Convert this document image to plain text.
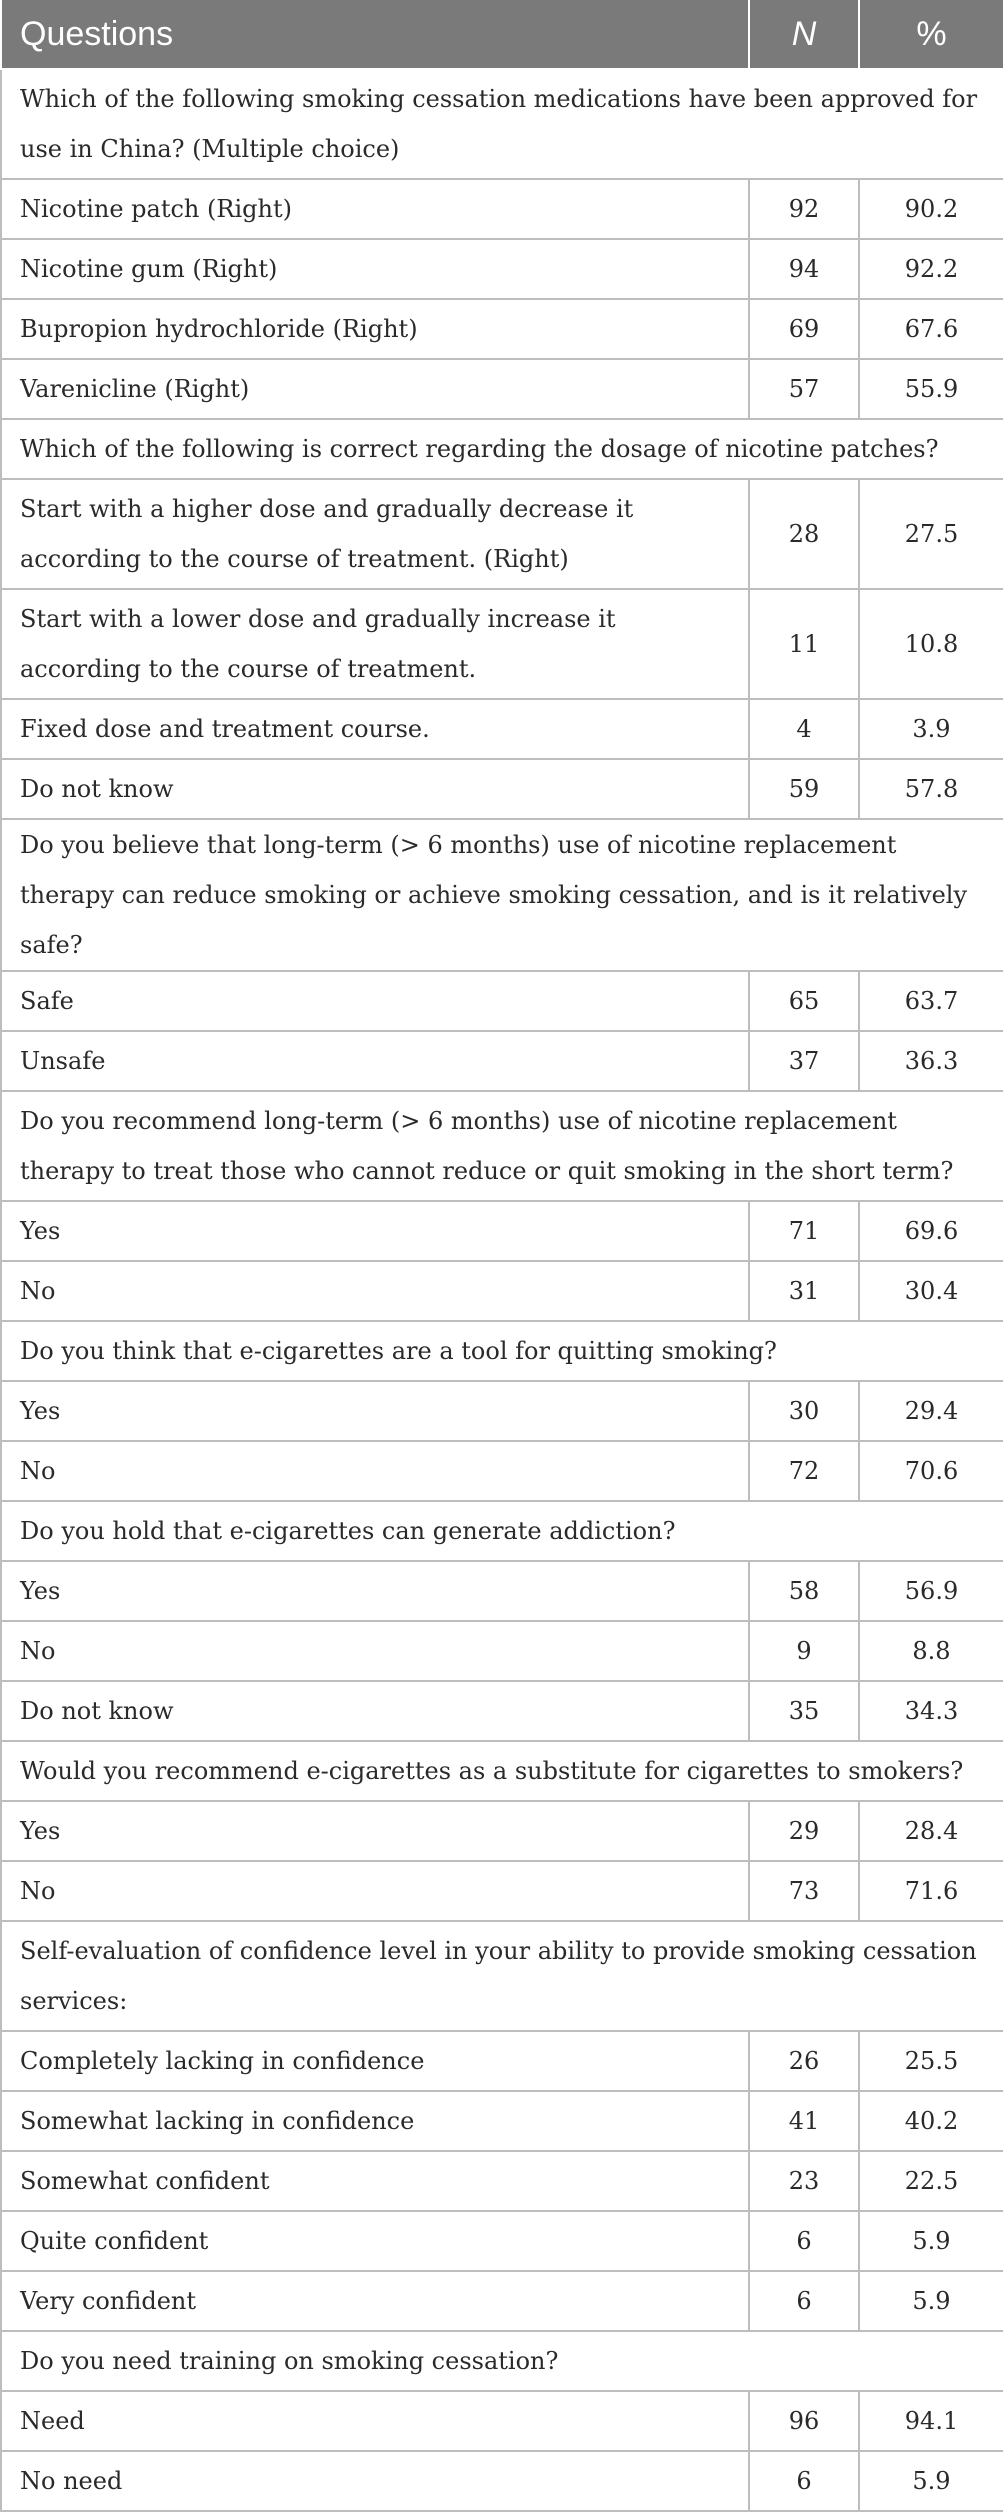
Questions	N	%
Which of the following smoking cessation medications have been approved for use in China? (Multiple choice)		
Nicotine patch (Right)	92	90.2
Nicotine gum (Right)	94	92.2
Bupropion hydrochloride (Right)	69	67.6
Varenicline (Right)	57	55.9
Which of the following is correct regarding the dosage of nicotine patches?		
Start with a higher dose and gradually decrease it according to the course of treatment. (Right)	28	27.5
Start with a lower dose and gradually increase it according to the course of treatment.	11	10.8
Fixed dose and treatment course.	4	3.9
Do not know	59	57.8
Do you believe that long-term (> 6 months) use of nicotine replacement therapy can reduce smoking or achieve smoking cessation, and is it relatively safe?		
Safe	65	63.7
Unsafe	37	36.3
Do you recommend long-term (> 6 months) use of nicotine replacement therapy to treat those who cannot reduce or quit smoking in the short term?		
Yes	71	69.6
No	31	30.4
Do you think that e-cigarettes are a tool for quitting smoking?		
Yes	30	29.4
No	72	70.6
Do you hold that e-cigarettes can generate addiction?		
Yes	58	56.9
No	9	8.8
Do not know	35	34.3
Would you recommend e-cigarettes as a substitute for cigarettes to smokers?		
Yes	29	28.4
No	73	71.6
Self-evaluation of confidence level in your ability to provide smoking cessation services:		
Completely lacking in confidence	26	25.5
Somewhat lacking in confidence	41	40.2
Somewhat confident	23	22.5
Quite confident	6	5.9
Very confident	6	5.9
Do you need training on smoking cessation?		
Need	96	94.1
No need	6	5.9
